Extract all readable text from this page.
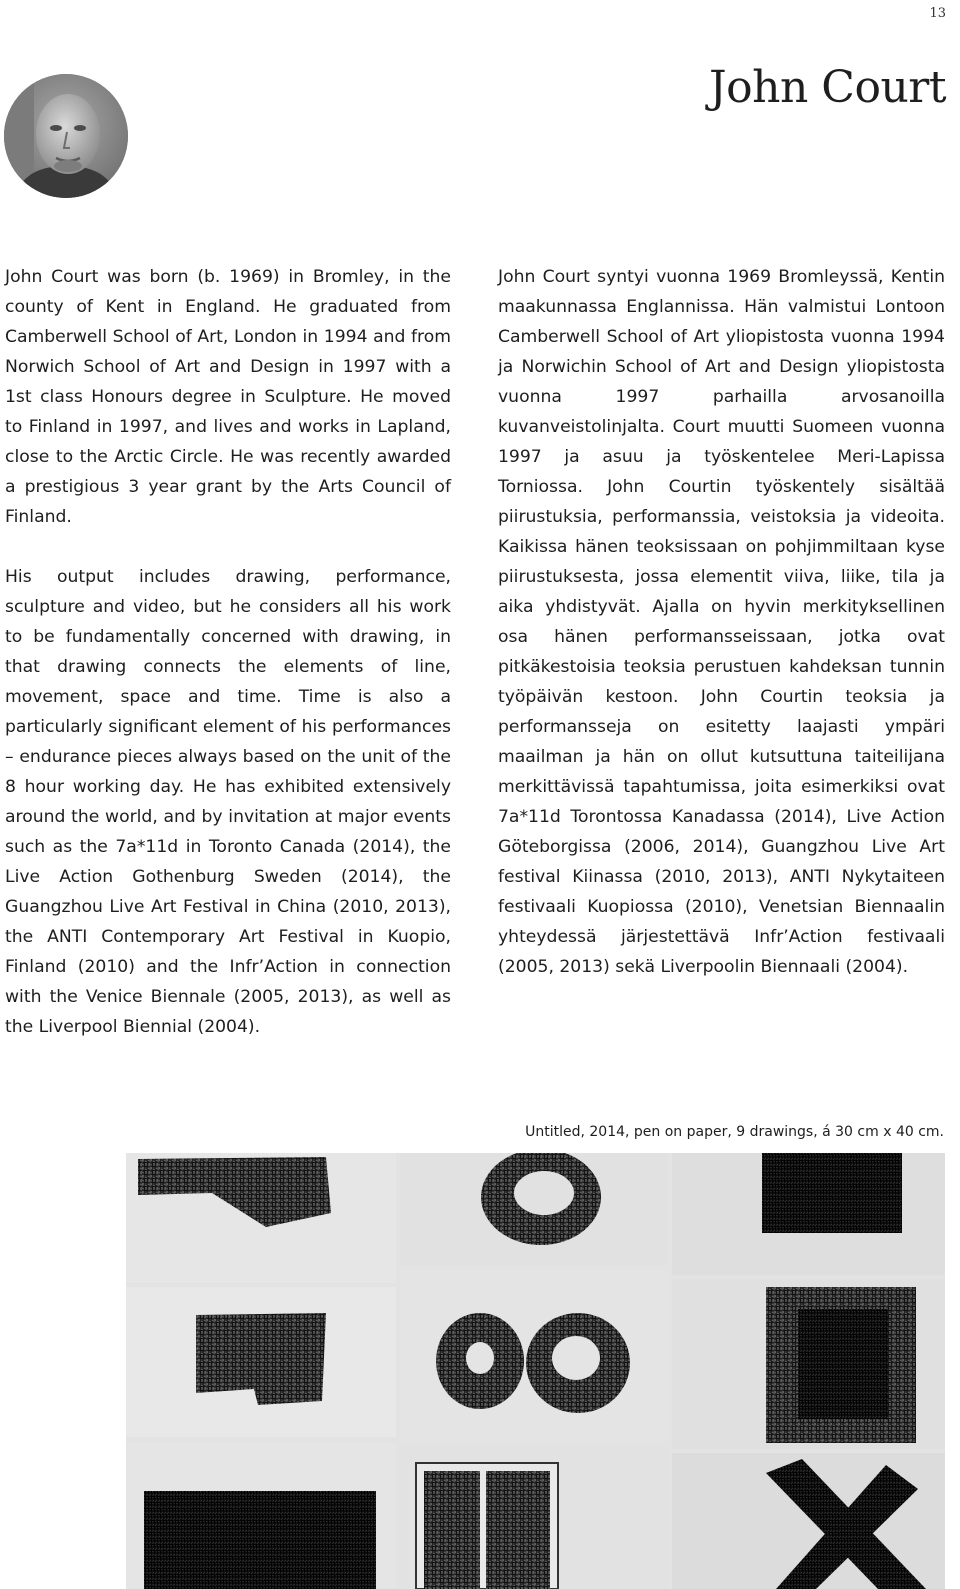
13
John Court

John Court was born (b. 1969) in Bromley, in the county of Kent in England. He graduated from Camberwell School of Art, London in 1994 and from Norwich School of Art and Design in 1997 with a 1st class Honours degree in Sculpture. He moved to Finland in 1997, and lives and works in Lapland, close to the Arctic Circle. He was recently awarded a prestigious 3 year grant by the Arts Council of Finland.

His output includes drawing, performance, sculpture and video, but he considers all his work to be fundamentally concerned with drawing, in that drawing connects the elements of line, movement, space and time. Time is also a particularly significant element of his performances – endurance pieces always based on the unit of the 8 hour working day. He has exhibited extensively around the world, and by invitation at major events such as the 7a*11d in Toronto Canada (2014), the Live Action Gothenburg Sweden (2014), the Guangzhou Live Art Festival in China (2010, 2013), the ANTI Contemporary Art Festival in Kuopio, Finland (2010) and the Infr’Action in connection with the Venice Biennale (2005, 2013), as well as the Liverpool Biennial (2004).

John Court syntyi vuonna 1969 Bromleyssä, Kentin maakunnassa Englannissa. Hän valmistui Lontoon Camberwell School of Art yliopistosta vuonna 1994 ja Norwichin School of Art and Design yliopistosta vuonna 1997 parhailla arvosanoilla kuvanveistolinjalta. Court muutti Suomeen vuonna 1997 ja asuu ja työskentelee Meri-Lapissa Torniossa. John Courtin työskentely sisältää piirustuksia, performanssia, veistoksia ja videoita. Kaikissa hänen teoksissaan on pohjimmiltaan kyse piirustuksesta, jossa elementit viiva, liike, tila ja aika yhdistyvät. Ajalla on hyvin merkityksellinen osa hänen performansseissaan, jotka ovat pitkäkestoisia teoksia perustuen kahdeksan tunnin työpäivän kestoon. John Courtin teoksia ja performansseja on esitetty laajasti ympäri maailman ja hän on ollut kutsuttuna taiteilijana merkittävissä tapahtumissa, joita esimerkiksi ovat 7a*11d Torontossa Kanadassa (2014), Live Action Göteborgissa (2006, 2014), Guangzhou Live Art festival Kiinassa (2010, 2013), ANTI Nykytaiteen festivaali Kuopiossa (2010), Venetsian Biennaalin yhteydessä järjestettävä Infr’Action festivaali (2005, 2013) sekä Liverpoolin Biennaali (2004).

Untitled, 2014, pen on paper, 9 drawings, á 30 cm x 40 cm.
